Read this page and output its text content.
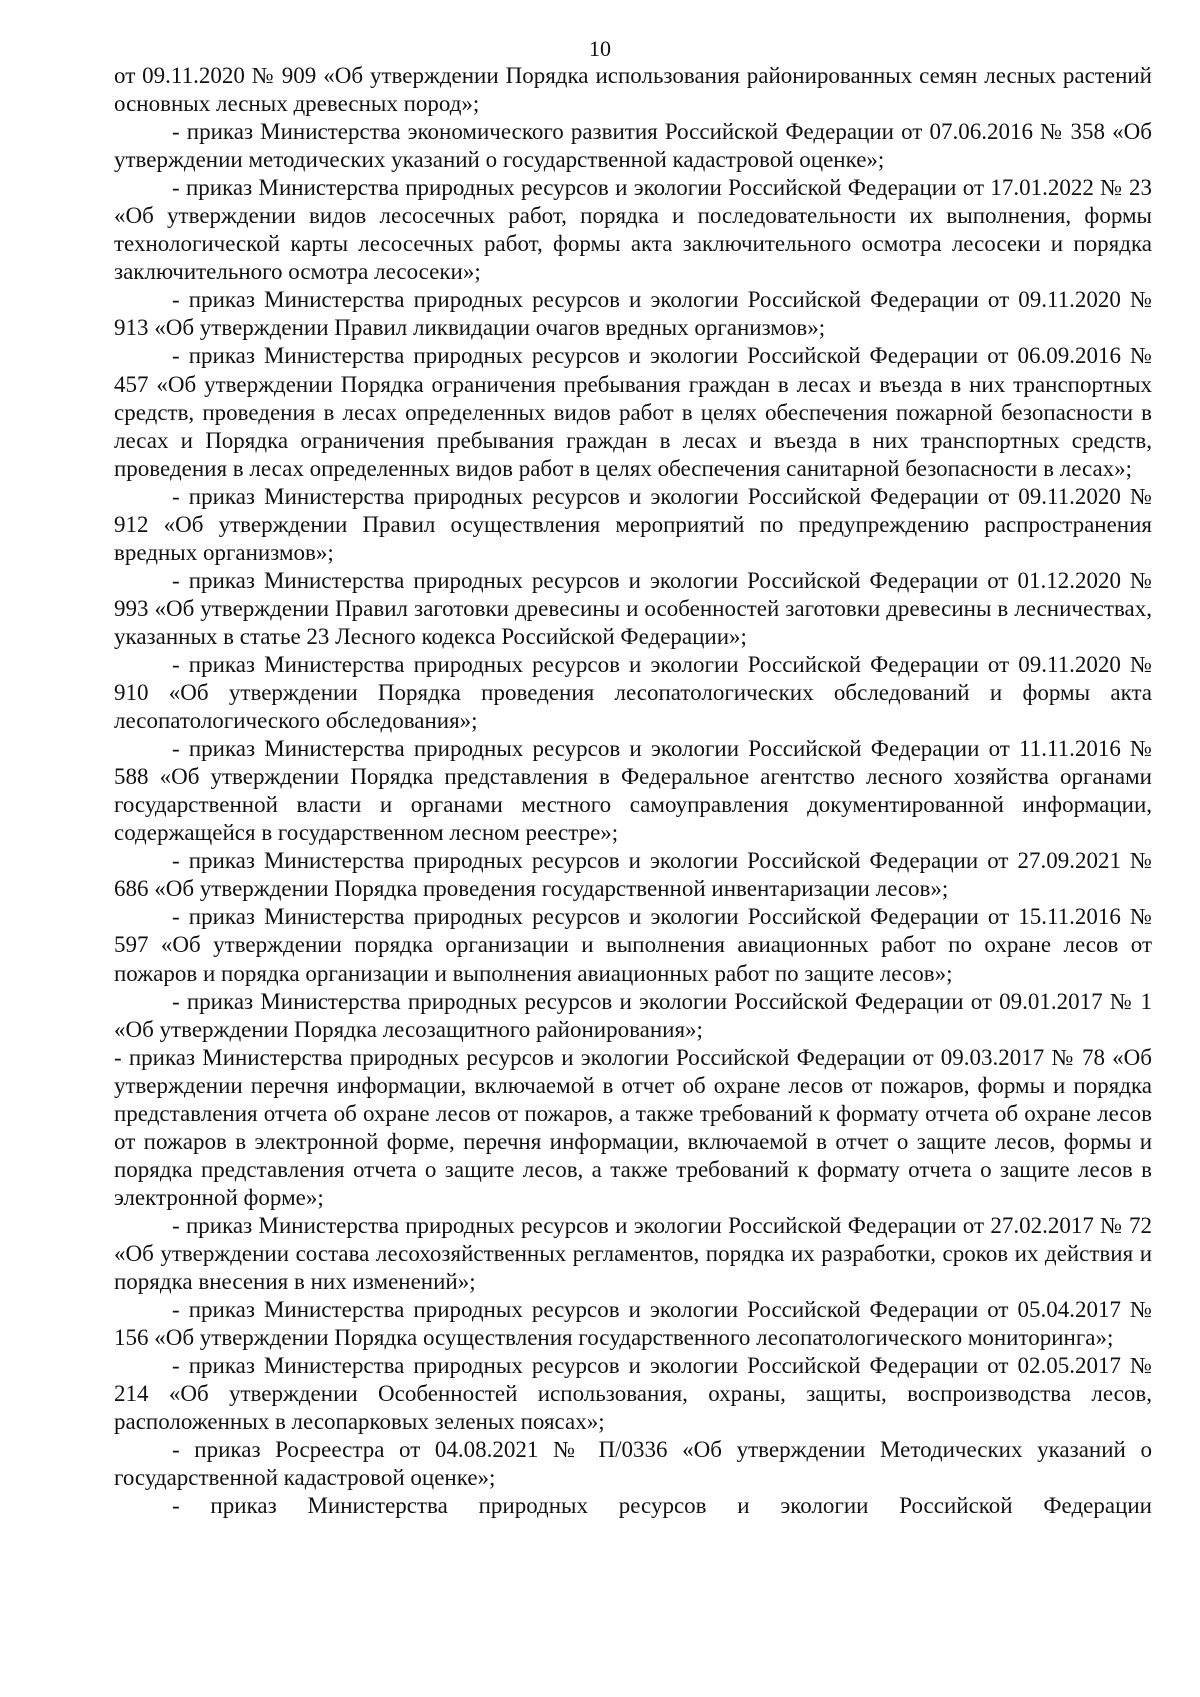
10

от 09.11.2020 № 909 «Об утверждении Порядка использования районированных семян лесных растений основных лесных древесных пород»;

- приказ Министерства экономического развития Российской Федерации от 07.06.2016 № 358 «Об утверждении методических указаний о государственной кадастровой оценке»;

- приказ Министерства природных ресурсов и экологии Российской Федерации от 17.01.2022 № 23 «Об утверждении видов лесосечных работ, порядка и последовательности их выполнения, формы технологической карты лесосечных работ, формы акта заключительного осмотра лесосеки и порядка заключительного осмотра лесосеки»;

- приказ Министерства природных ресурсов и экологии Российской Федерации от 09.11.2020 № 913 «Об утверждении Правил ликвидации очагов вредных организмов»;

- приказ Министерства природных ресурсов и экологии Российской Федерации от 06.09.2016 № 457 «Об утверждении Порядка ограничения пребывания граждан в лесах и въезда в них транспортных средств, проведения в лесах определенных видов работ в целях обеспечения пожарной безопасности в лесах и Порядка ограничения пребывания граждан в лесах и въезда в них транспортных средств, проведения в лесах определенных видов работ в целях обеспечения санитарной безопасности в лесах»;

- приказ Министерства природных ресурсов и экологии Российской Федерации от 09.11.2020 № 912 «Об утверждении Правил осуществления мероприятий по предупреждению распространения вредных организмов»;

- приказ Министерства природных ресурсов и экологии Российской Федерации от 01.12.2020 № 993 «Об утверждении Правил заготовки древесины и особенностей заготовки древесины в лесничествах, указанных в статье 23 Лесного кодекса Российской Федерации»;

- приказ Министерства природных ресурсов и экологии Российской Федерации от 09.11.2020 № 910 «Об утверждении Порядка проведения лесопатологических обследований и формы акта лесопатологического обследования»;

- приказ Министерства природных ресурсов и экологии Российской Федерации от 11.11.2016 № 588 «Об утверждении Порядка представления в Федеральное агентство лесного хозяйства органами государственной власти и органами местного самоуправления документированной информации, содержащейся в государственном лесном реестре»;

- приказ Министерства природных ресурсов и экологии Российской Федерации от 27.09.2021 № 686 «Об утверждении Порядка проведения государственной инвентаризации лесов»;

- приказ Министерства природных ресурсов и экологии Российской Федерации от 15.11.2016 № 597 «Об утверждении порядка организации и выполнения авиационных работ по охране лесов от пожаров и порядка организации и выполнения авиационных работ по защите лесов»;

- приказ Министерства природных ресурсов и экологии Российской Федерации от 09.01.2017 № 1 «Об утверждении Порядка лесозащитного районирования»;

- приказ Министерства природных ресурсов и экологии Российской Федерации от 09.03.2017 № 78 «Об утверждении перечня информации, включаемой в отчет об охране лесов от пожаров, формы и порядка представления отчета об охране лесов от пожаров, а также требований к формату отчета об охране лесов от пожаров в электронной форме, перечня информации, включаемой в отчет о защите лесов, формы и порядка представления отчета о защите лесов, а также требований к формату отчета о защите лесов в электронной форме»;

- приказ Министерства природных ресурсов и экологии Российской Федерации от 27.02.2017 № 72 «Об утверждении состава лесохозяйственных регламентов, порядка их разработки, сроков их действия и порядка внесения в них изменений»;

- приказ Министерства природных ресурсов и экологии Российской Федерации от 05.04.2017 № 156 «Об утверждении Порядка осуществления государственного лесопатологического мониторинга»;

- приказ Министерства природных ресурсов и экологии Российской Федерации от 02.05.2017 № 214 «Об утверждении Особенностей использования, охраны, защиты, воспроизводства лесов, расположенных в лесопарковых зеленых поясах»;

- приказ Росреестра от 04.08.2021 № П/0336 «Об утверждении Методических указаний о государственной кадастровой оценке»;

- приказ Министерства природных ресурсов и экологии Российской Федерации
